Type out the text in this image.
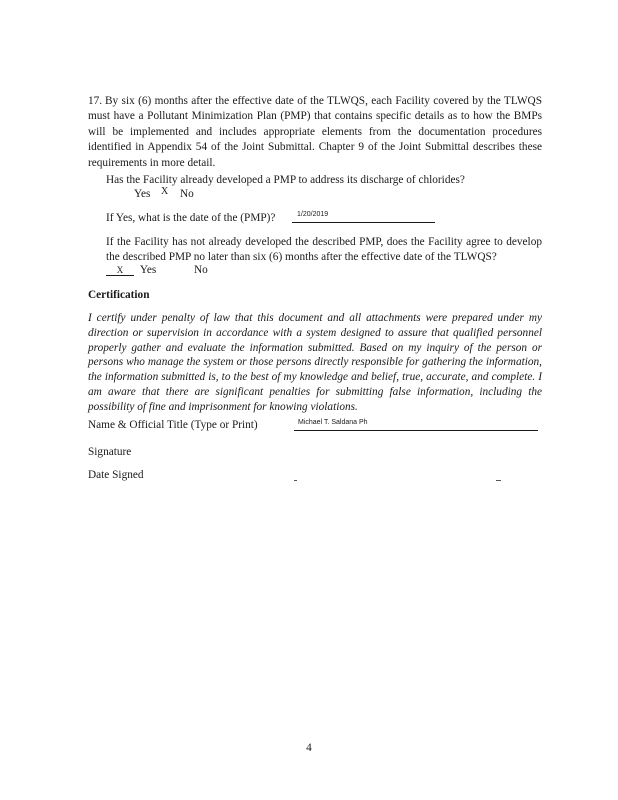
17. By six (6) months after the effective date of the TLWQS, each Facility covered by the TLWQS must have a Pollutant Minimization Plan (PMP) that contains specific details as to how the BMPs will be implemented and includes appropriate elements from the documentation procedures identified in Appendix 54 of the Joint Submittal. Chapter 9 of the Joint Submittal describes these requirements in more detail.
Has the Facility already developed a PMP to address its discharge of chlorides?
Yes X No
If Yes, what is the date of the (PMP)?	1/20/2019
If the Facility has not already developed the described PMP, does the Facility agree to develop the described PMP no later than six (6) months after the effective date of the TLWQS?
X Yes	No
Certification
I certify under penalty of law that this document and all attachments were prepared under my direction or supervision in accordance with a system designed to assure that qualified personnel properly gather and evaluate the information submitted. Based on my inquiry of the person or persons who manage the system or those persons directly responsible for gathering the information, the information submitted is, to the best of my knowledge and belief, true, accurate, and complete. I am aware that there are significant penalties for submitting false information, including the possibility of fine and imprisonment for knowing violations.
Name & Official Title (Type or Print)	Michael T. Saldana Ph
Signature
Date Signed
4
